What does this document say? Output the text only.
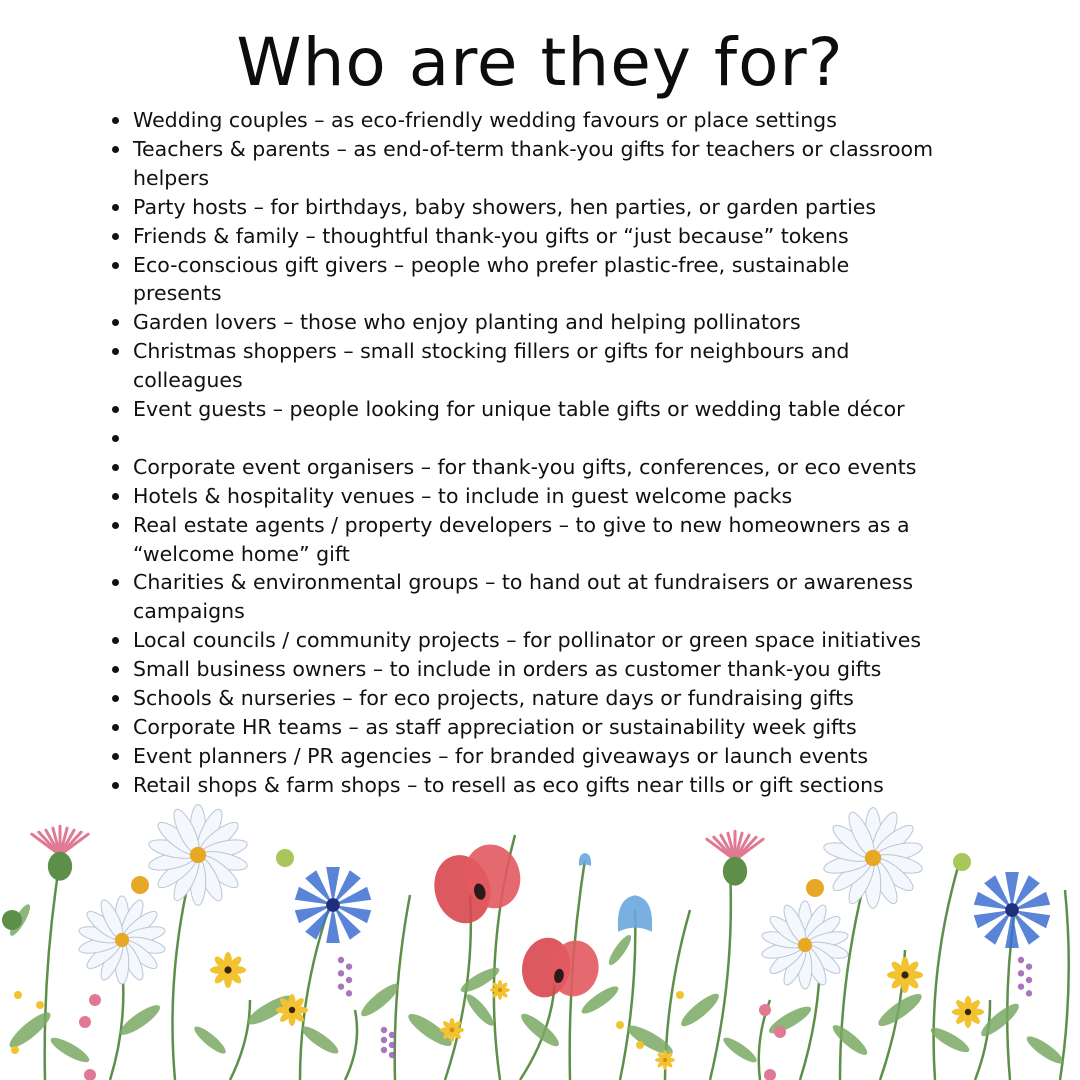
Who are they for?
Wedding couples – as eco-friendly wedding favours or place settings
Teachers & parents – as end-of-term thank-you gifts for teachers or classroom
helpers
Party hosts – for birthdays, baby showers, hen parties, or garden parties
Friends & family – thoughtful thank-you gifts or “just because” tokens
Eco-conscious gift givers – people who prefer plastic-free, sustainable
presents
Garden lovers – those who enjoy planting and helping pollinators
Christmas shoppers – small stocking fillers or gifts for neighbours and
colleagues
Event guests – people looking for unique table gifts or wedding table décor
Corporate event organisers – for thank-you gifts, conferences, or eco events
Hotels & hospitality venues – to include in guest welcome packs
Real estate agents / property developers – to give to new homeowners as a
“welcome home” gift
Charities & environmental groups – to hand out at fundraisers or awareness
campaigns
Local councils / community projects – for pollinator or green space initiatives
Small business owners – to include in orders as customer thank-you gifts
Schools & nurseries – for eco projects, nature days or fundraising gifts
Corporate HR teams – as staff appreciation or sustainability week gifts
Event planners / PR agencies – for branded giveaways or launch events
Retail shops & farm shops – to resell as eco gifts near tills or gift sections
